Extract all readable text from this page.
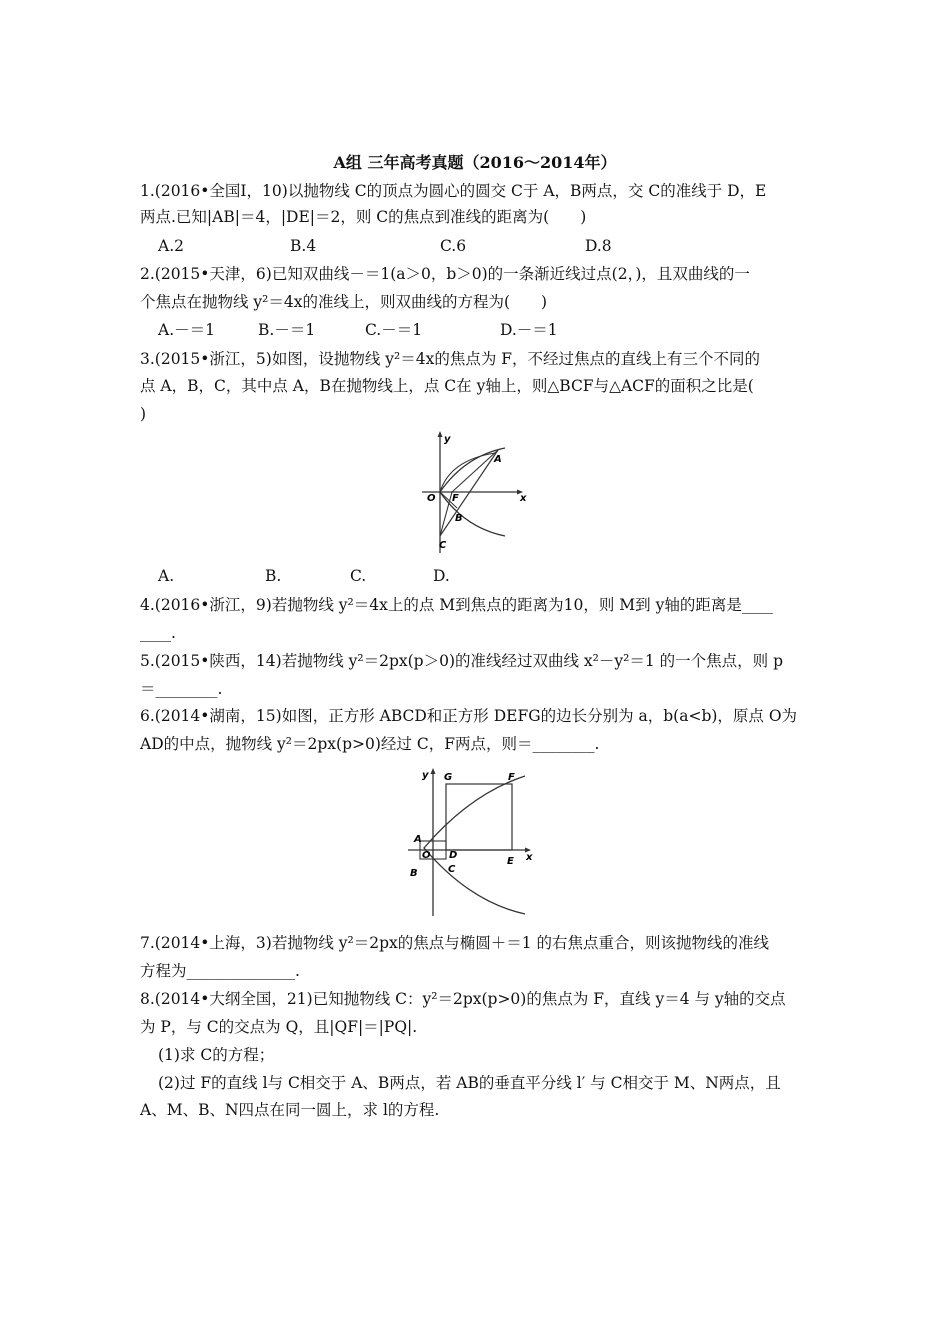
A组 三年高考真题（2016～2014年）
1.(2016•全国Ⅰ，10)以抛物线 C的顶点为圆心的圆交 C于 A，B两点，交 C的准线于 D，E
两点.已知|AB|＝4，|DE|＝2，则 C的焦点到准线的距离为(　　)
A.2	B.4	C.6	D.8
2.(2015•天津，6)已知双曲线－＝1(a＞0，b＞0)的一条渐近线过点(2，)，且双曲线的一
个焦点在抛物线 y²＝4x的准线上，则双曲线的方程为(　　)
A.－＝1	B.－＝1	C.－＝1	D.－＝1
3.(2015•浙江，5)如图，设抛物线 y²＝4x的焦点为 F，不经过焦点的直线上有三个不同的
点 A，B，C，其中点 A，B在抛物线上，点 C在 y轴上，则△BCF与△ACF的面积之比是(
)
y
x
O F
A
B
C
A.	B.	C.	D.
4.(2016•浙江，9)若抛物线 y²＝4x上的点 M到焦点的距离为10，则 M到 y轴的距离是____
____.
5.(2015•陕西，14)若抛物线 y²＝2px(p＞0)的准线经过双曲线 x²－y²＝1 的一个焦点，则 p
＝________.
6.(2014•湖南，15)如图，正方形 ABCD和正方形 DEFG的边长分别为 a，b(a<b)，原点 O为
AD的中点，抛物线 y²＝2px(p>0)经过 C，F两点，则＝________.
y
x
G	F
A
O D
E
B	C
7.(2014•上海，3)若抛物线 y²＝2px的焦点与椭圆＋＝1 的右焦点重合，则该抛物线的准线
方程为______________.
8.(2014•大纲全国，21)已知抛物线 C：y²＝2px(p>0)的焦点为 F，直线 y＝4 与 y轴的交点
为 P，与 C的交点为 Q，且|QF|＝|PQ|.
(1)求 C的方程；
(2)过 F的直线 l与 C相交于 A、B两点，若 AB的垂直平分线 l′ 与 C相交于 M、N两点，且
A、M、B、N四点在同一圆上，求 l的方程.
